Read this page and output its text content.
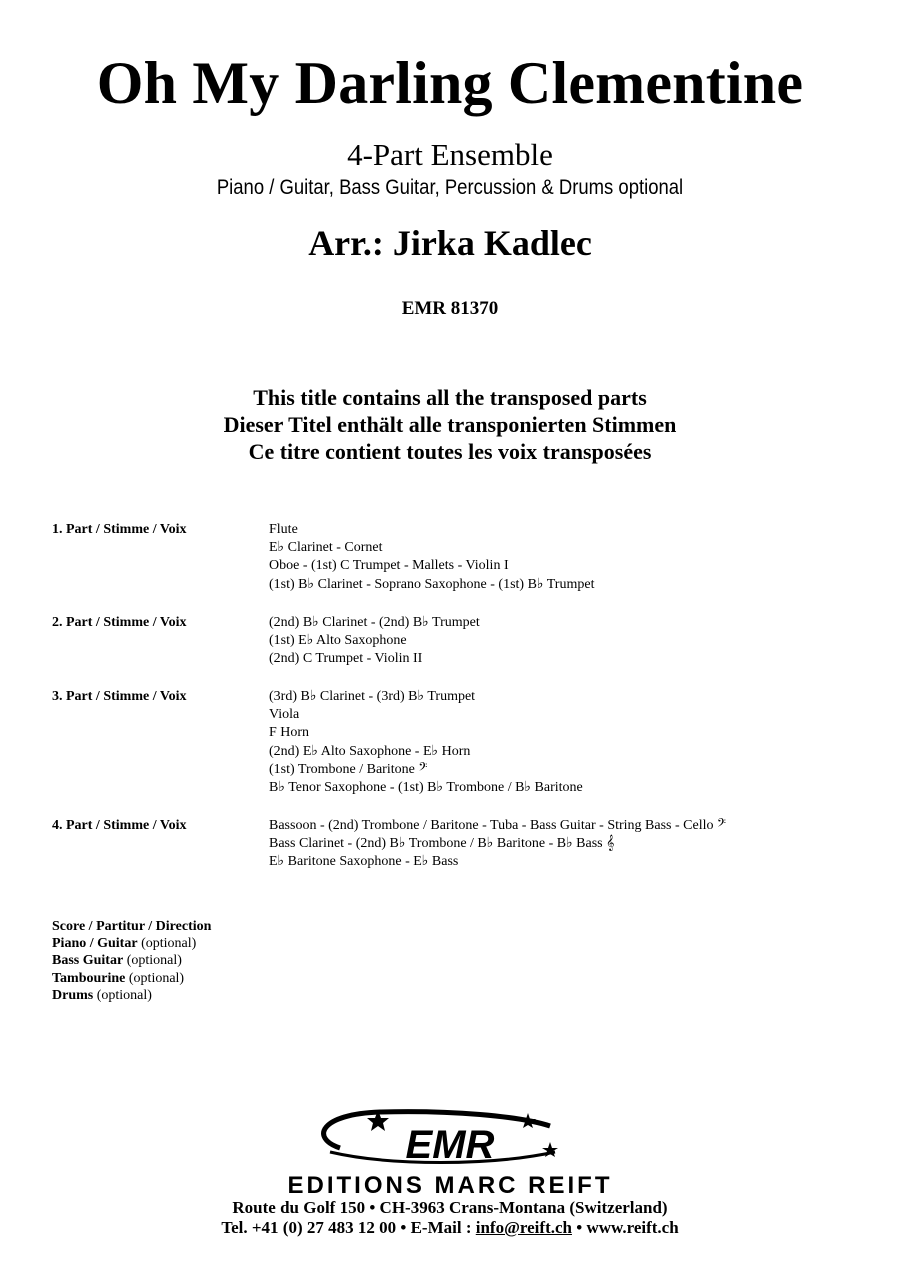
Oh My Darling Clementine
4-Part Ensemble
Piano / Guitar, Bass Guitar, Percussion & Drums optional
Arr.: Jirka Kadlec
EMR 81370
This title contains all the transposed parts
Dieser Titel enthält alle transponierten Stimmen
Ce titre contient toutes les voix transposées
1. Part / Stimme / Voix	Flute
E♭ Clarinet - Cornet
Oboe - (1st) C Trumpet - Mallets - Violin I
(1st) B♭ Clarinet - Soprano Saxophone - (1st) B♭ Trumpet
2. Part / Stimme / Voix	(2nd) B♭ Clarinet - (2nd) B♭ Trumpet
(1st) E♭ Alto Saxophone
(2nd) C Trumpet - Violin II
3. Part / Stimme / Voix	(3rd) B♭ Clarinet - (3rd) B♭ Trumpet
Viola
F Horn
(2nd) E♭ Alto Saxophone - E♭ Horn
(1st) Trombone / Baritone 𝄢
B♭ Tenor Saxophone - (1st) B♭ Trombone / B♭ Baritone
4. Part / Stimme / Voix	Bassoon - (2nd) Trombone / Baritone - Tuba - Bass Guitar - String Bass - Cello 𝄢
Bass Clarinet - (2nd) B♭ Trombone / B♭ Baritone - B♭ Bass 𝄞
E♭ Baritone Saxophone - E♭ Bass
Score / Partitur / Direction
Piano / Guitar (optional)
Bass Guitar (optional)
Tambourine (optional)
Drums (optional)
EMR
EDITIONS MARC REIFT
Route du Golf 150 • CH-3963 Crans-Montana (Switzerland)
Tel. +41 (0) 27 483 12 00 • E-Mail : info@reift.ch • www.reift.ch
